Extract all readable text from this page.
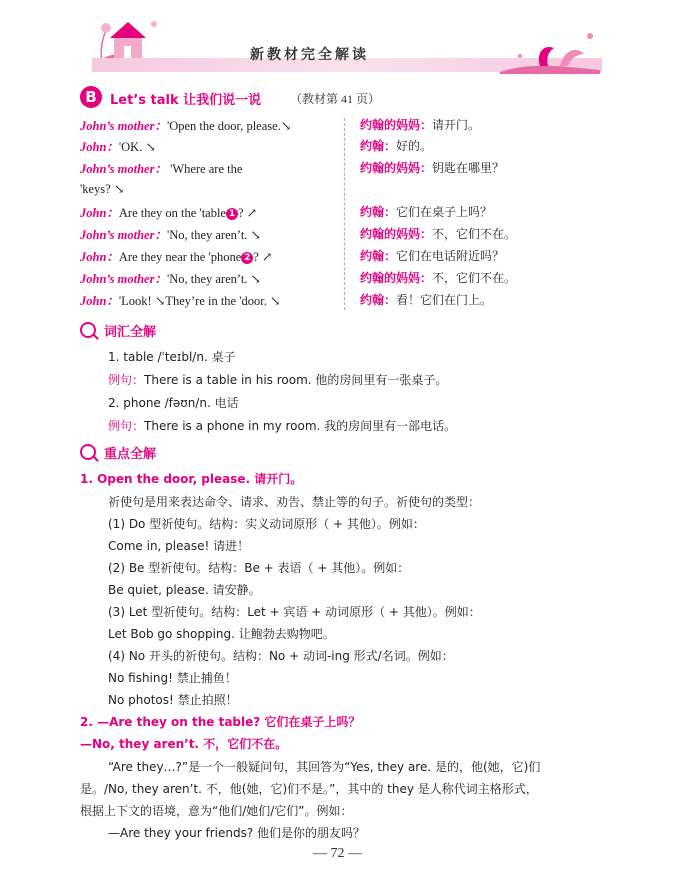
新教材完全解读
B	Let’s talk 让我们说一说 （教材第 41 页）
John’s mother：'Open the door, please.↘	约翰的妈妈：请开门。
John：'OK. ↘	约翰：好的。
John’s mother： 'Where are the	约翰的妈妈：钥匙在哪里？
'keys? ↘
John：Are they on the 'table 1 ? ↗	约翰：它们在桌子上吗？
John’s mother：'No, they aren’t. ↘	约翰的妈妈：不，它们不在。
John：Are they near the 'phone 2 ? ↗	约翰：它们在电话附近吗？
John’s mother：'No, they aren’t. ↘	约翰的妈妈：不，它们不在。
John：'Look! ↘They’re in the 'door. ↘	约翰：看！它们在门上。
词汇全解
1. table /ˈteɪbl/n. 桌子
例句：There is a table in his room. 他的房间里有一张桌子。
2. phone /fəʊn/n. 电话
例句：There is a phone in my room. 我的房间里有一部电话。
重点全解
1. Open the door, please. 请开门。
祈使句是用来表达命令、请求、劝告、禁止等的句子。祈使句的类型：
(1) Do 型祈使句。结构：实义动词原形（ + 其他）。例如：
Come in, please! 请进！
(2) Be 型祈使句。结构：Be + 表语（ + 其他）。例如：
Be quiet, please. 请安静。
(3) Let 型祈使句。结构：Let + 宾语 + 动词原形（ + 其他）。例如：
Let Bob go shopping. 让鲍勃去购物吧。
(4) No 开头的祈使句。结构：No + 动词-ing 形式/名词。例如：
No fishing! 禁止捕鱼！
No photos! 禁止拍照！
2. —Are they on the table? 它们在桌子上吗？
—No, they aren’t. 不，它们不在。
“Are they…?”是一个一般疑问句，其回答为“Yes, they are. 是的，他(她，它)们
是。/No, they aren’t. 不，他(她，它)们不是。”，其中的 they 是人称代词主格形式，
根据上下文的语境，意为“他们/她们/它们”。例如：
—Are they your friends? 他们是你的朋友吗？
— 72 —
